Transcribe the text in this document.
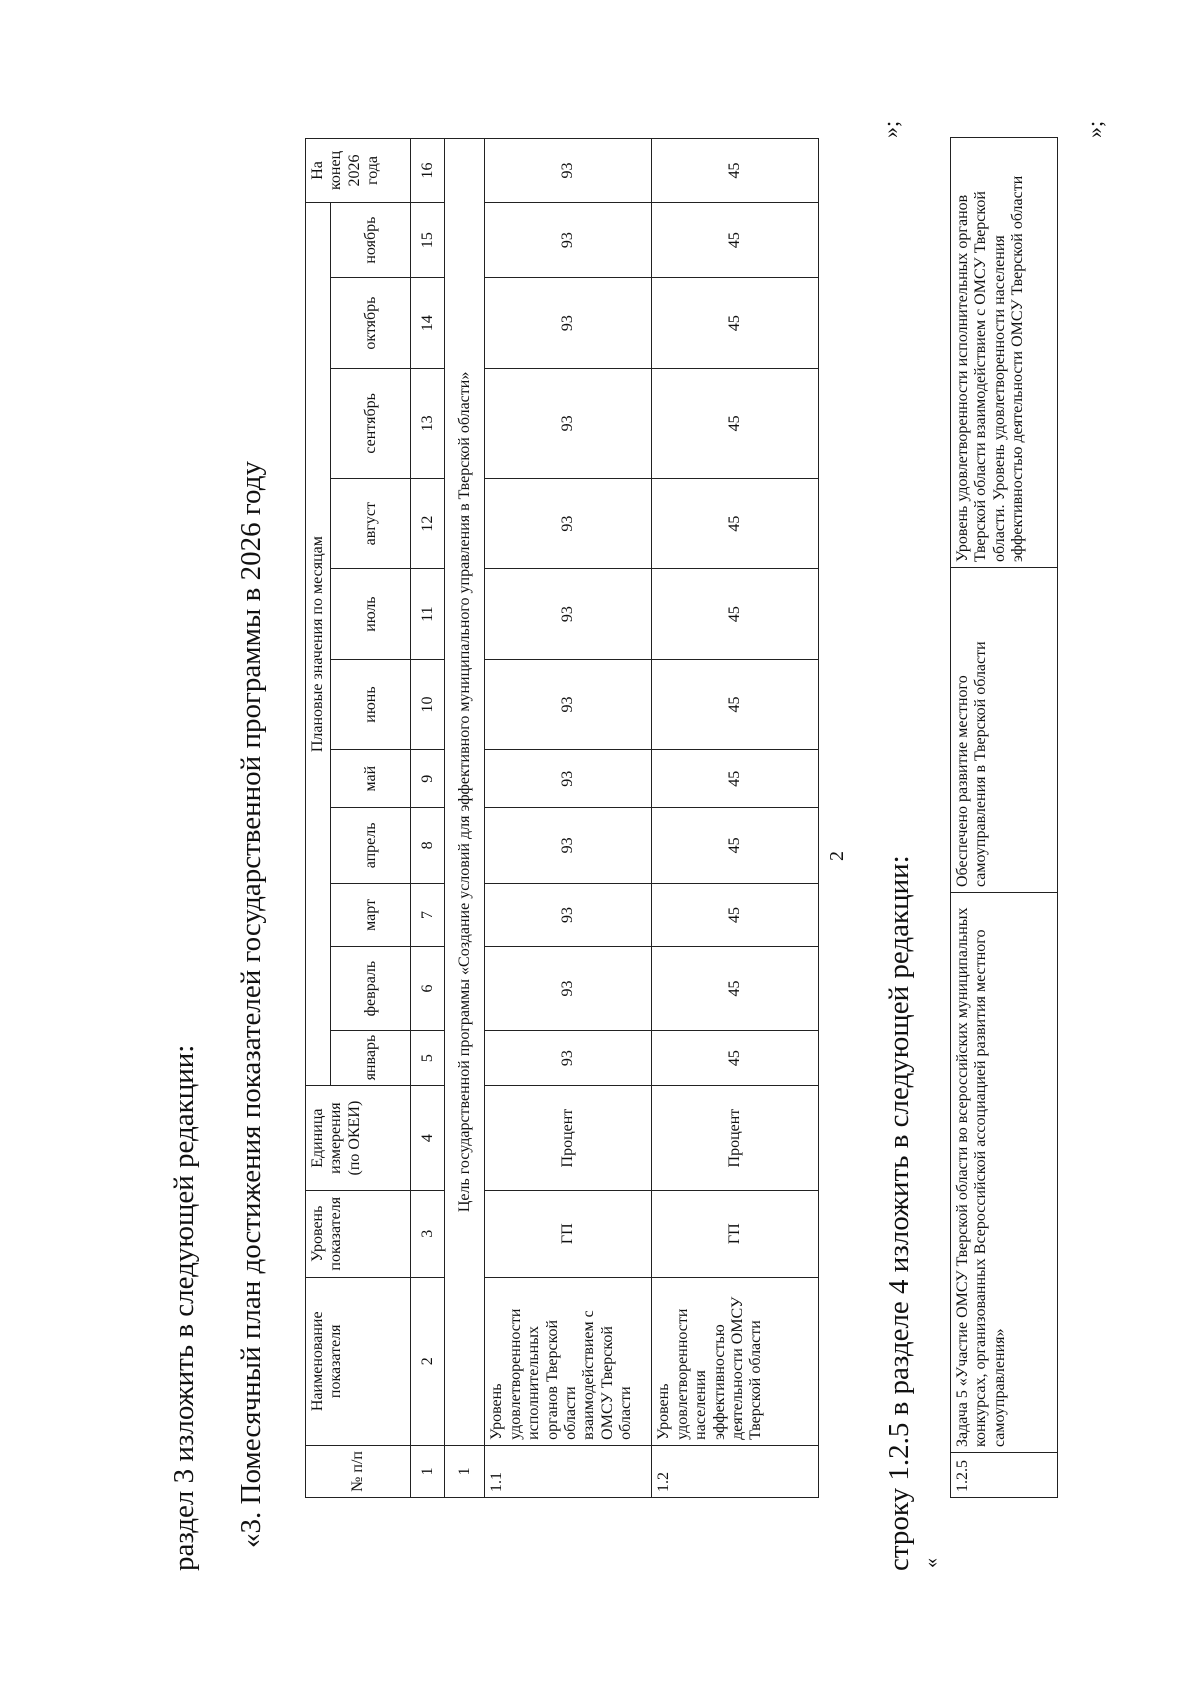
2
раздел 3 изложить в следующей редакции: «3. Помесячный план достижения показателей государственной программы в 2026 году	№ п/п	Наименование показателя	Уровень показателя	Единица измерения (по ОКЕИ)	Плановые значения по месяцам											На конец 2026 года
				январь	февраль	март	апрель	май	июнь	июль	август	сентябрь	октябрь	ноябрь	
1	2	3	4	5	6	7	8	9	10	11	12	13	14	15	16
1	Цель государственной программы «Создание условий для эффективного муниципального управления в Тверской области»														
1.1	Уровень удовлетворенности исполнительных органов Тверской области взаимодействием с ОМСУ Тверской области	ГП	Процент	93	93	93	93	93	93	93	93	93	93	93	93
1.2	Уровень удовлетворенности населения эффективностью деятельности ОМСУ Тверской области	ГП	Процент	45	45	45	45	45	45	45	45	45	45	45	45
»;
строку 1.2.5 в разделе 4 изложить в следующей редакции: «
1.2.5	Задача 5 «Участие ОМСУ Тверской области во всероссийских муниципальных конкурсах, организованных Всероссийской ассоциацией развития местного самоуправления»	Обеспечено развитие местного самоуправления в Тверской области	Уровень удовлетворенности исполнительных органов Тверской области взаимодействием с ОМСУ Тверской области. Уровень удовлетворенности населения эффективностью деятельности ОМСУ Тверской области
»;
